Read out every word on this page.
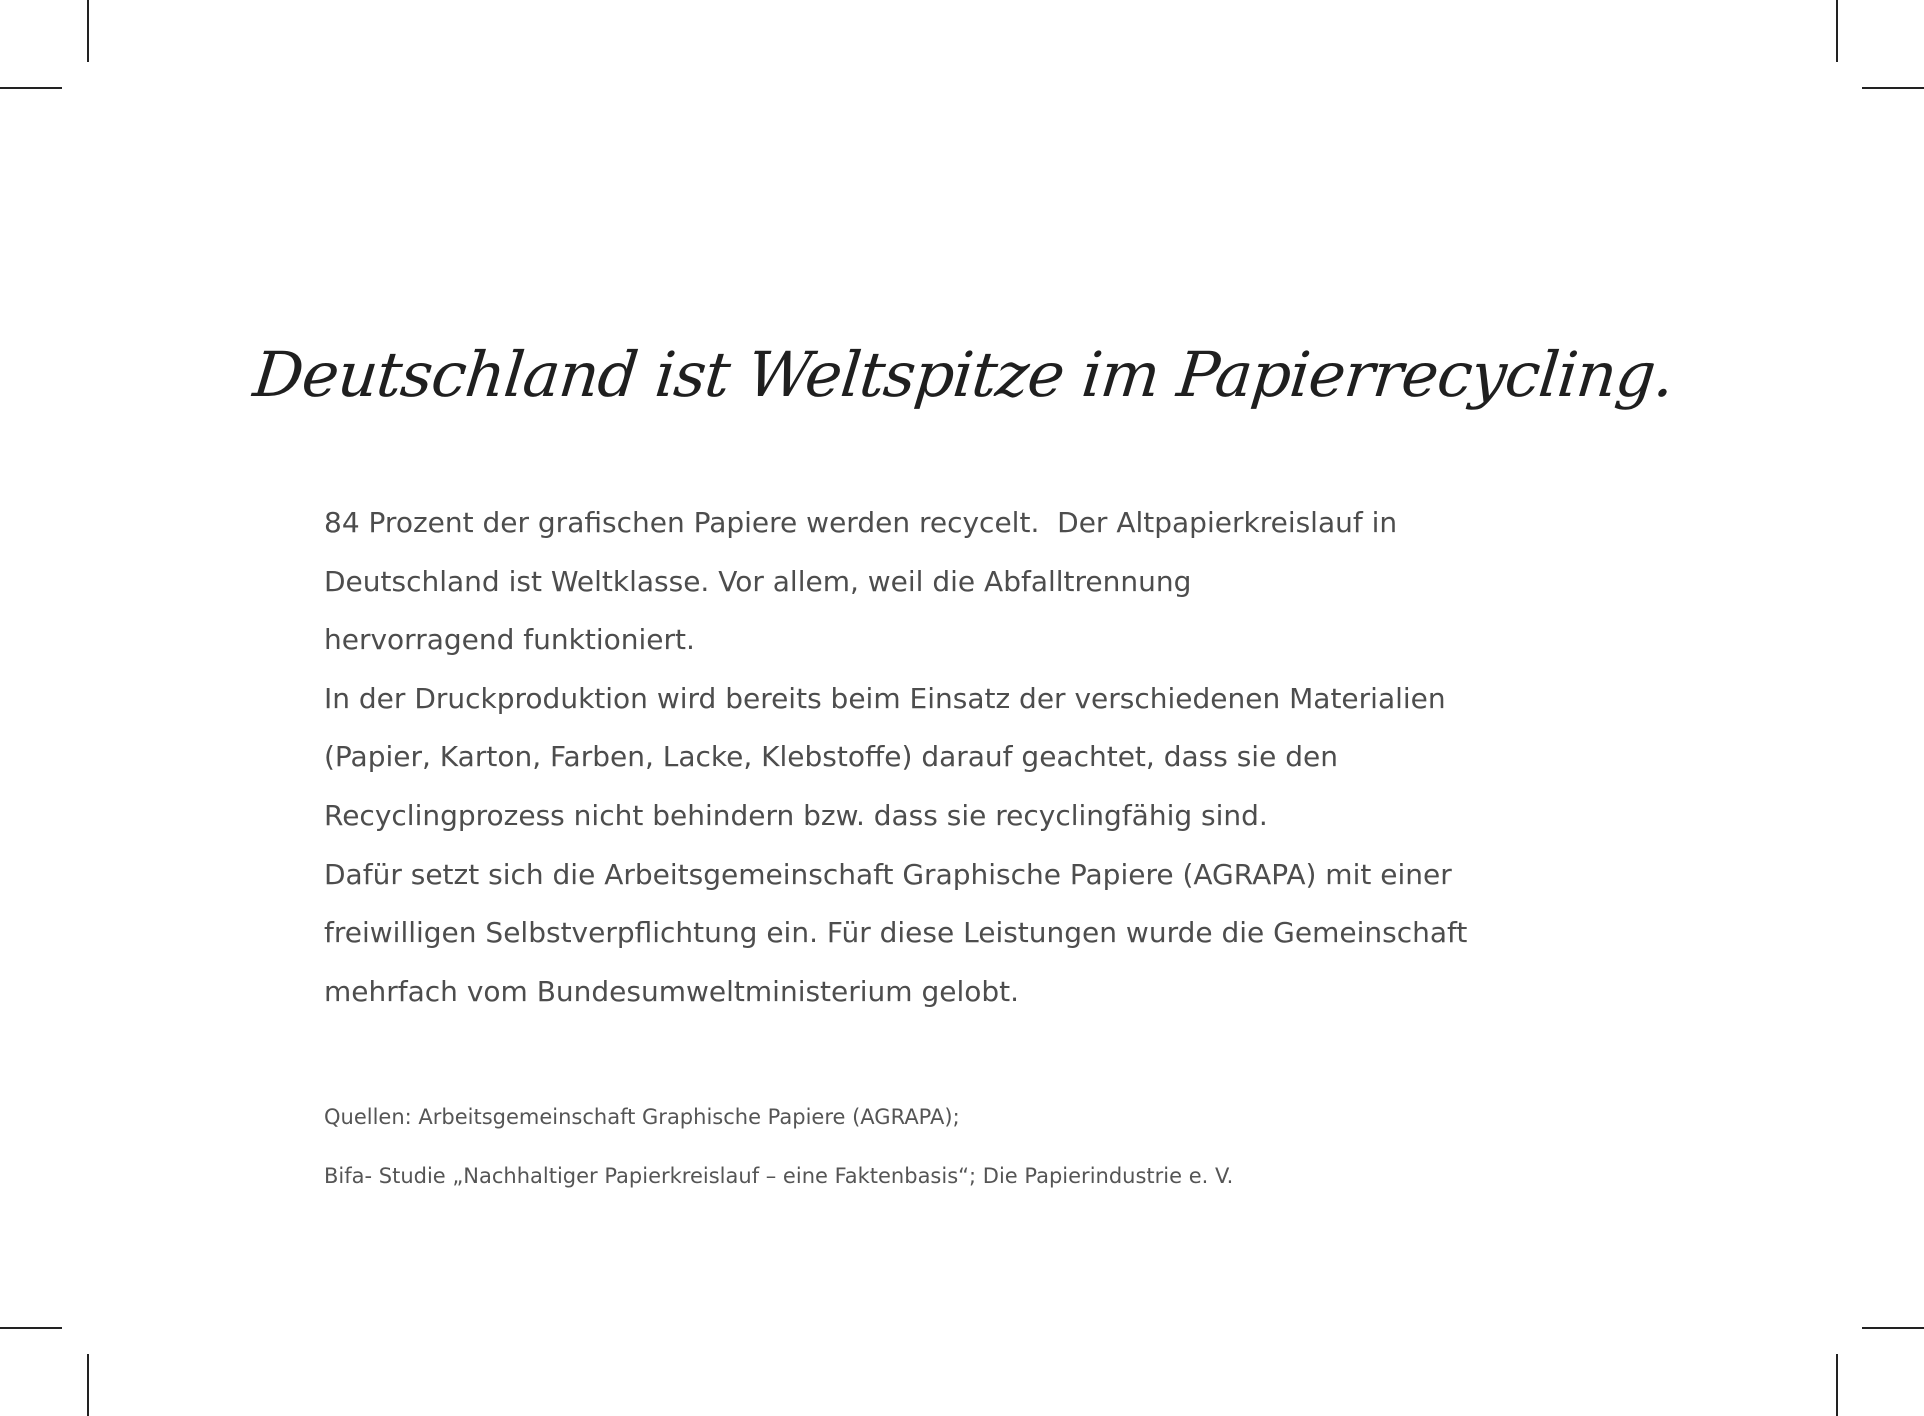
Deutschland ist Weltspitze im Papierrecycling.
84 Prozent der grafischen Papiere werden recycelt.  Der Altpapierkreislauf in
Deutschland ist Weltklasse. Vor allem, weil die Abfalltrennung
hervorragend funktioniert.
In der Druckproduktion wird bereits beim Einsatz der verschiedenen Materialien
(Papier, Karton, Farben, Lacke, Klebstoffe) darauf geachtet, dass sie den
Recyclingprozess nicht behindern bzw. dass sie recyclingfähig sind.
Dafür setzt sich die Arbeitsgemeinschaft Graphische Papiere (AGRAPA) mit einer
freiwilligen Selbstverpflichtung ein. Für diese Leistungen wurde die Gemeinschaft
mehrfach vom Bundesumweltministerium gelobt.
Quellen: Arbeitsgemeinschaft Graphische Papiere (AGRAPA);
Bifa- Studie „Nachhaltiger Papierkreislauf – eine Faktenbasis“; Die Papierindustrie e. V.
